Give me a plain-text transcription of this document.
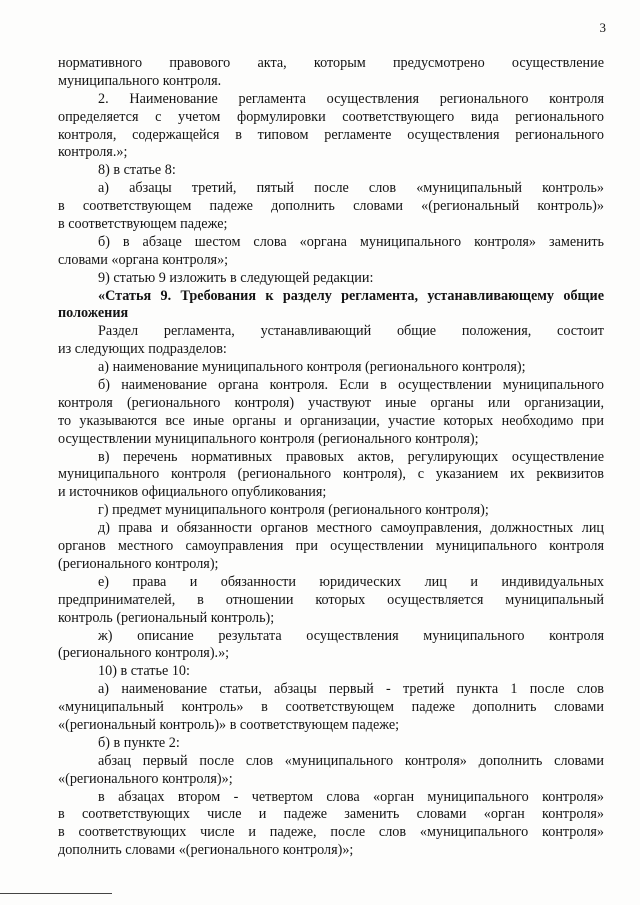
3
нормативного правового акта, которым предусмотрено осуществление
муниципального контроля.
2. Наименование регламента осуществления регионального контроля
определяется с учетом формулировки соответствующего вида регионального
контроля, содержащейся в типовом регламенте осуществления регионального
контроля.»;
8) в статье 8:
а) абзацы третий, пятый после слов «муниципальный контроль»
в соответствующем падеже дополнить словами «(региональный контроль)»
в соответствующем падеже;
б) в абзаце шестом слова «органа муниципального контроля» заменить
словами «органа контроля»;
9) статью 9 изложить в следующей редакции:
«Статья 9. Требования к разделу регламента, устанавливающему общие
положения
Раздел регламента, устанавливающий общие положения, состоит
из следующих подразделов:
а) наименование муниципального контроля (регионального контроля);
б) наименование органа контроля. Если в осуществлении муниципального
контроля (регионального контроля) участвуют иные органы или организации,
то указываются все иные органы и организации, участие которых необходимо при
осуществлении муниципального контроля (регионального контроля);
в) перечень нормативных правовых актов, регулирующих осуществление
муниципального контроля (регионального контроля), с указанием их реквизитов
и источников официального опубликования;
г) предмет муниципального контроля (регионального контроля);
д) права и обязанности органов местного самоуправления, должностных лиц
органов местного самоуправления при осуществлении муниципального контроля
(регионального контроля);
е) права и обязанности юридических лиц и индивидуальных
предпринимателей, в отношении которых осуществляется муниципальный
контроль (региональный контроль);
ж) описание результата осуществления муниципального контроля
(регионального контроля).»;
10) в статье 10:
а) наименование статьи, абзацы первый - третий пункта 1 после слов
«муниципальный контроль» в соответствующем падеже дополнить словами
«(региональный контроль)» в соответствующем падеже;
б) в пункте 2:
абзац первый после слов «муниципального контроля» дополнить словами
«(регионального контроля)»;
в абзацах втором - четвертом слова «орган муниципального контроля»
в соответствующих числе и падеже заменить словами «орган контроля»
в соответствующих числе и падеже, после слов «муниципального контроля»
дополнить словами «(регионального контроля)»;
